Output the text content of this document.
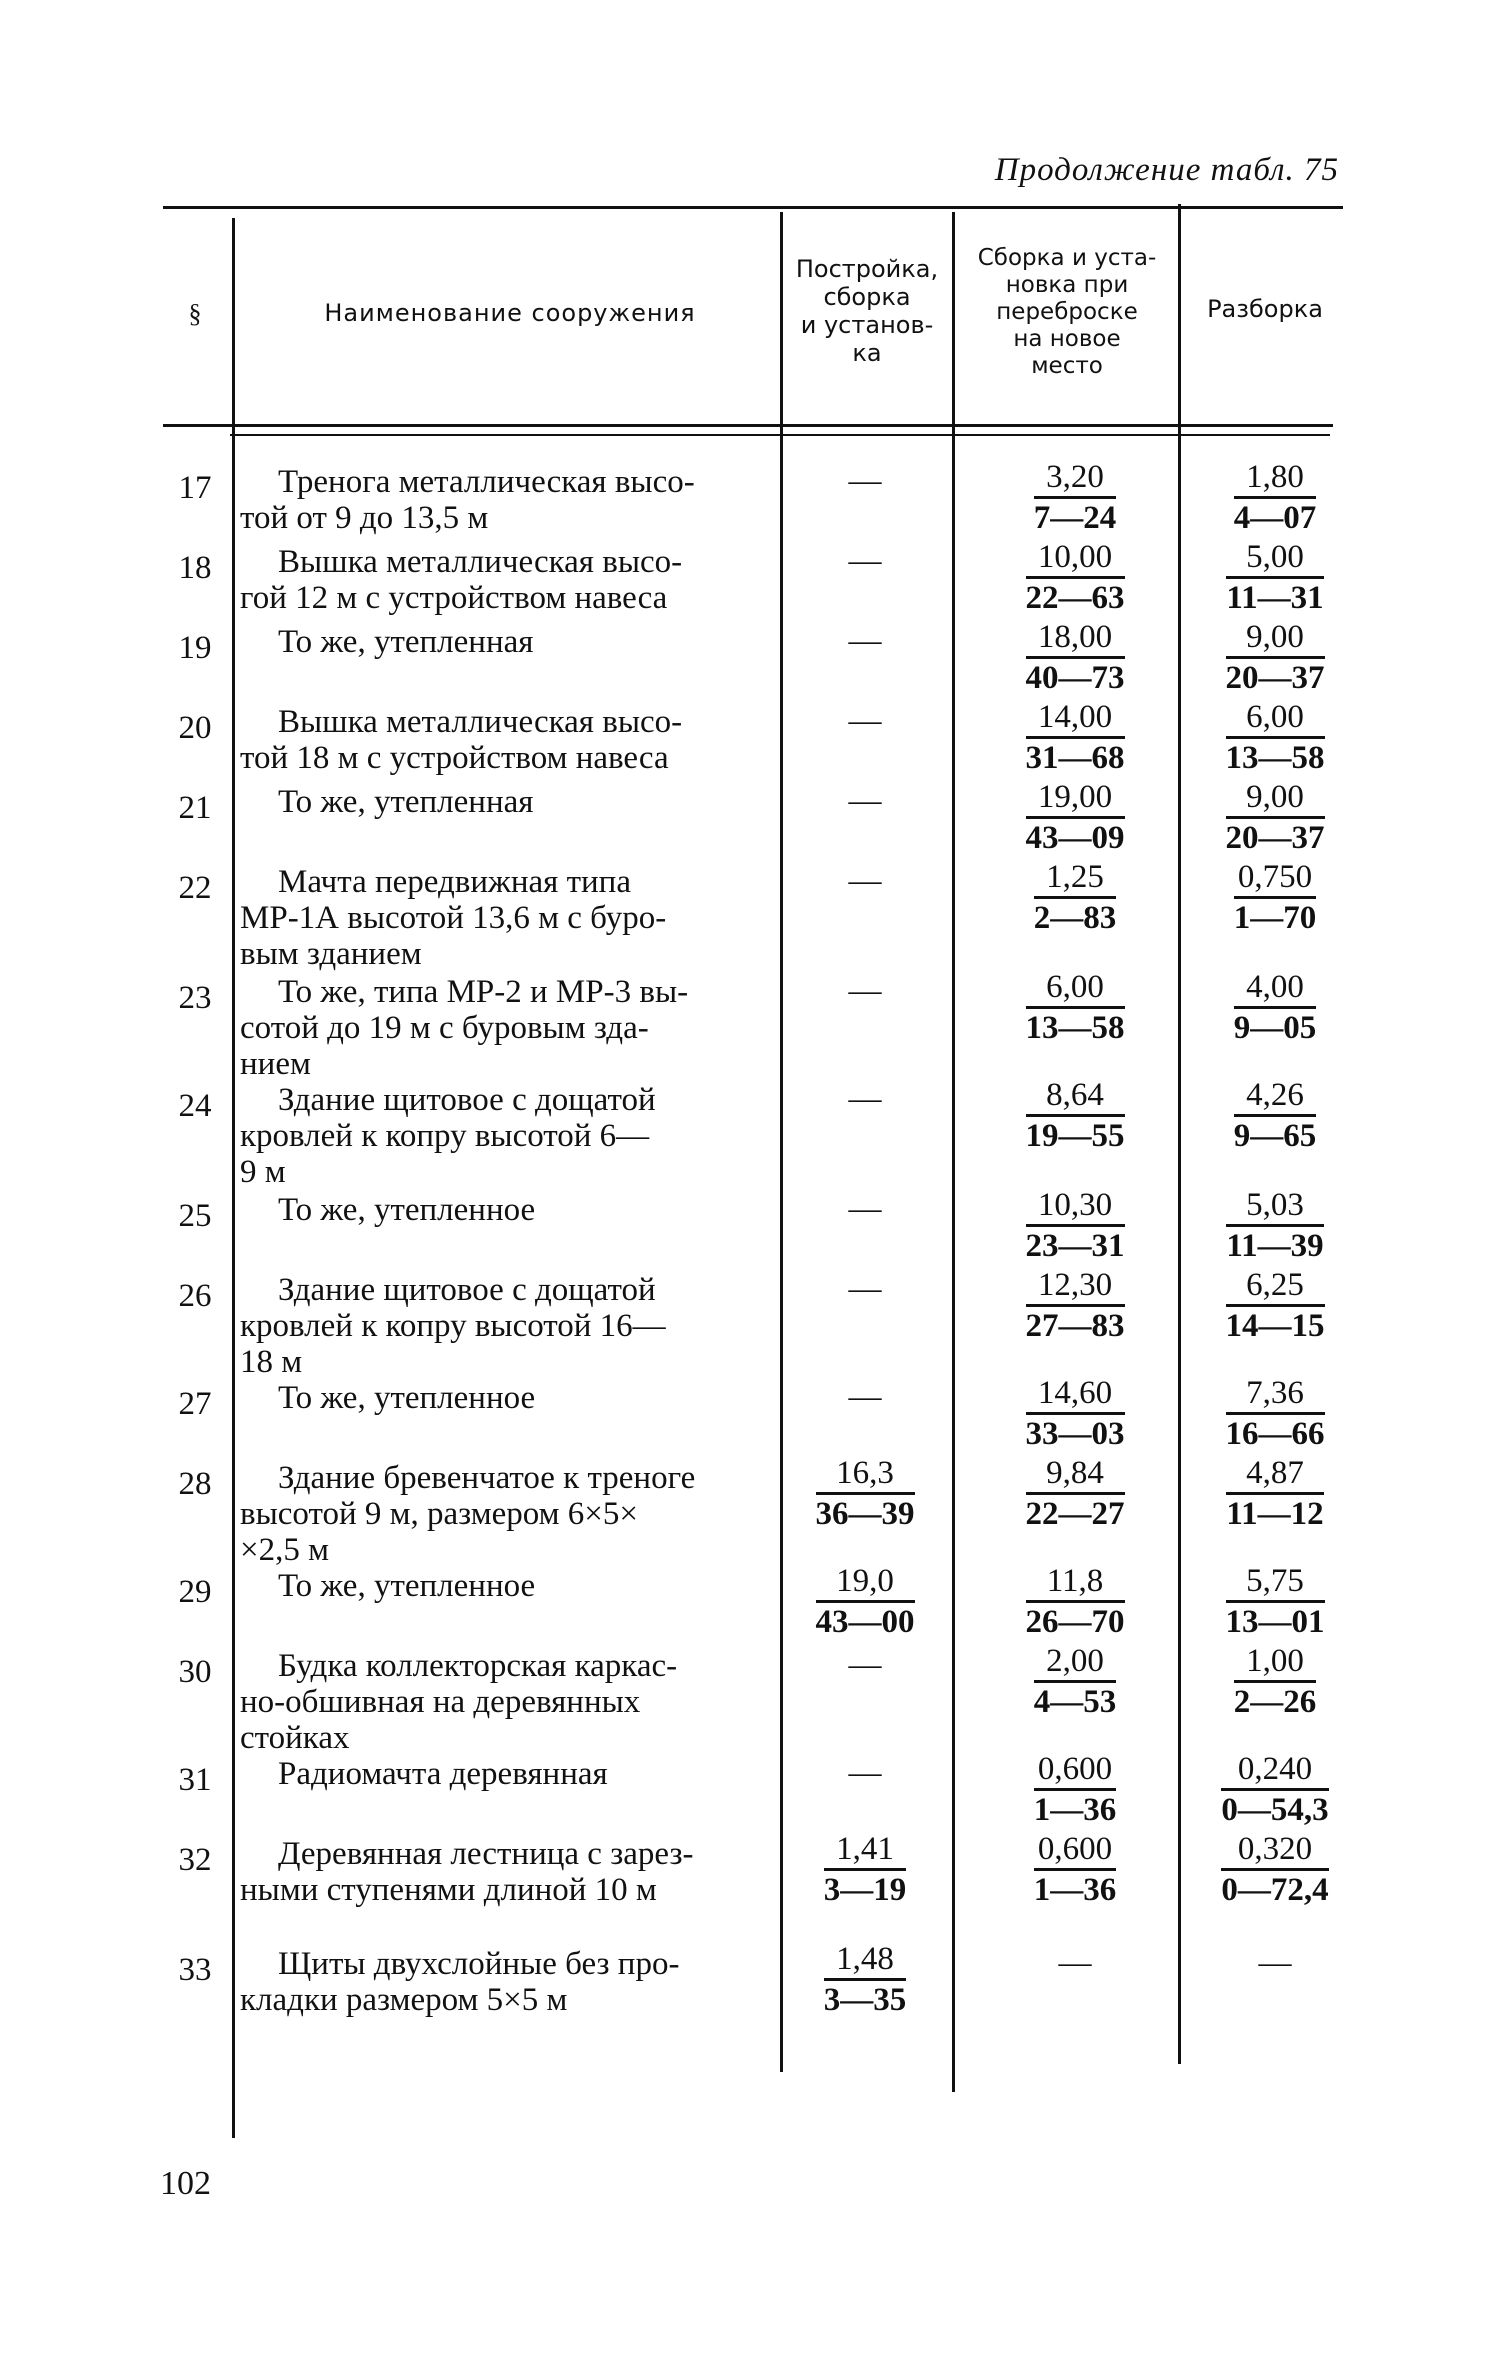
Продолжение табл. 75
§	Наименование сооружения
Постройка,
сборка
и установ-
ка
Сборка и уста-
новка при
переброске
на новое
место
Разборка
17	Тренога металлическая высо-
той от 9 до 13,5 м
—	$\frac{3,20}{7—24}$	$\frac{1,80}{4—07}$
18	Вышка металлическая высо-
гой 12 м с устройством навеса
—	$\frac{10,00}{22—63}$	$\frac{5,00}{11—31}$
19	То же, утепленная	—	$\frac{18,00}{40—73}$	$\frac{9,00}{20—37}$
20	Вышка металлическая высо-
той 18 м с устройством навеса
—	$\frac{14,00}{31—68}$	$\frac{6,00}{13—58}$
21	То же, утепленная	—	$\frac{19,00}{43—09}$	$\frac{9,00}{20—37}$
22	Мачта передвижная типа
МР-1А высотой 13,6 м с буро-
вым зданием
—	$\frac{1,25}{2—83}$	$\frac{0,750}{1—70}$
23	То же, типа МР-2 и МР-3 вы-
сотой до 19 м с буровым зда-
нием
—	$\frac{6,00}{13—58}$	$\frac{4,00}{9—05}$
24	Здание щитовое с дощатой
кровлей к копру высотой 6—
9 м
—	$\frac{8,64}{19—55}$	$\frac{4,26}{9—65}$
25	То же, утепленное	—	$\frac{10,30}{23—31}$	$\frac{5,03}{11—39}$
26	Здание щитовое с дощатой
кровлей к копру высотой 16—
18 м
—	$\frac{12,30}{27—83}$	$\frac{6,25}{14—15}$
27	То же, утепленное	—	$\frac{14,60}{33—03}$	$\frac{7,36}{16—66}$
28	Здание бревенчатое к треноге
высотой 9 м, размером 6×5×
×2,5 м
$\frac{16,3}{36—39}$	$\frac{9,84}{22—27}$	$\frac{4,87}{11—12}$
29	То же, утепленное	$\frac{19,0}{43—00}$	$\frac{11,8}{26—70}$	$\frac{5,75}{13—01}$
30	Будка коллекторская каркас-
но-обшивная на деревянных
стойках
—	$\frac{2,00}{4—53}$	$\frac{1,00}{2—26}$
31	Радиомачта деревянная	—	$\frac{0,600}{1—36}$	$\frac{0,240}{0—54,3}$
32	Деревянная лестница с зарез-
ными ступенями длиной 10 м	$\frac{1,41}{3—19}$	$\frac{0,600}{1—36}$	$\frac{0,320}{0—72,4}$
33	Щиты двухслойные без про-
кладки размером 5×5 м	$\frac{1,48}{3—35}$	—	—
102
